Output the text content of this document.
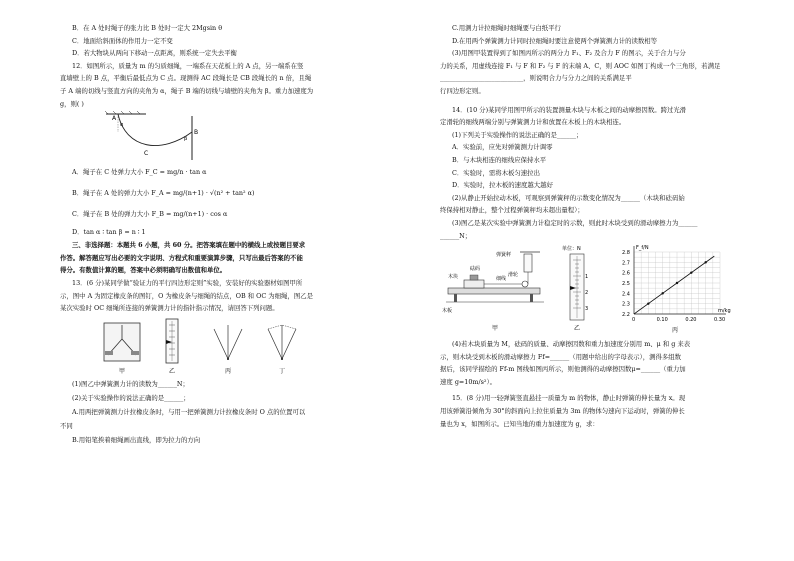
B．在 A 处时绳子的张力比 B 处时一定大 2Mgsin θ
C．地面给斜面体的作用力一定不变
D．若大物块从两向下移动一点距离，则系统一定失去平衡
12．如图所示，质量为 m 的匀质细绳，一端系在天花板上的 A 点，另一端系在竖
直墙壁上的 B 点，平衡后最低点为 C 点。现测得 AC 段绳长是 CB 段绳长的 n 倍，且绳
子 A 端的切线与竖直方向的夹角为 α，绳子 B 端的切线与墙壁的夹角为 β。重力加速度为
g，则( )
A
α
C
B
β
A．绳子在 C 处弹力大小 F_C = mg/n · tan α
B．绳子在 A 处的弹力大小 F_A = mg/(n+1) · √(n² + tan² α)
C．绳子在 B 处的弹力大小 F_B = mg/(n+1) · cos α
D．tan α ∶ tan β = n ∶ 1
三、非选择题：本题共 6 小题，共 60 分。把答案填在题中的横线上或按题目要求
作答。解答题应写出必要的文字说明、方程式和重要演算步骤，只写出最后答案的不能
得分。有数值计算的题，答案中必须明确写出数值和单位。
13．(6 分)某同学做“验证力的平行四边形定则”实验，安装好的实验器材如图甲所
示，图中 A 为固定橡皮条的图钉，O 为橡皮条与细绳的结点，OB 和 OC 为细绳，图乙是
某次实验时 OC 细绳所连接的弹簧测力计的指针指示情况，请回答下列问题。
甲	乙	丙	丁
(1)图乙中弹簧测力计的读数为______N；
(2)关于实验操作的说法正确的是______；
A.用两把弹簧测力计拉橡皮条时，与用一把弹簧测力计拉橡皮条时 O 点的位置可以
不同
B.用铅笔挨着细绳画出直线，即为拉力的方向
C.用测力计拉细绳时细绳要与白纸平行
D.在用两个弹簧测力计同时拉细绳时要注意使两个弹簧测力计的读数相等
(3)用图甲装置得到了如图丙所示的两分力 F₁、F₂ 及合力 F 的图示，关于合力与分
力的关系，用虚线连接 F₁ 与 F 和 F₂ 与 F 的末端 A、C，则 AOC 如图丁构成一个三角形，若满足
__________________________，则说明合力与分力之间的关系满足平
行四边形定则。
14．(10 分)某同学用图甲所示的装置测量木块与木板之间的动摩擦因数。跨过光滑
定滑轮的细线两端分别与弹簧测力计和放置在木板上的木块相连。
(1)下列关于实验操作的说法正确的是______；
A．实验前，应先对弹簧测力计调零
B．与木块相连的细线应保持水平
C．实验时，需将木板匀速拉出
D．实验时，拉木板的速度越大越好
(2)从静止开始拉动木板，可观察到弹簧秤的示数变化情况为______（木块和砝码始
终保持相对静止，整个过程弹簧秤均未超出量程）；
(3)图乙是某次实验中弹簧测力计稳定时的示数，则此时木块受到的滑动摩擦力为______
______N；
弹簧秤
滑轮
木块
砝码
细线
木板
甲
单位：N
1
2
3
乙
F_f/N
m/kg
0	0.10	0.20	0.30
2.2
2.3
2.4
2.5
2.6
2.7
2.8
丙
(4)若木块质量为 M，砝码的质量、动摩擦因数和重力加速度分别用 m、μ 和 g 来表
示，则木块受到木板的滑动摩擦力 Ff=______（用题中给出的字母表示），测得多组数
据后，该同学描绘的 Ff-m 图线如图丙所示，则他测得的动摩擦因数μ=______（重力加
速度 g=10m/s²）。
15．(8 分)用一轻弹簧竖直悬挂一质量为 m 的物体，静止时弹簧的伸长量为 x。现
用该弹簧沿倾角为 30°的斜面向上拉住质量为 3m 的物体匀速向下运动时，弹簧的伸长
量也为 x，如图所示。已知当地的重力加速度为 g，求：
